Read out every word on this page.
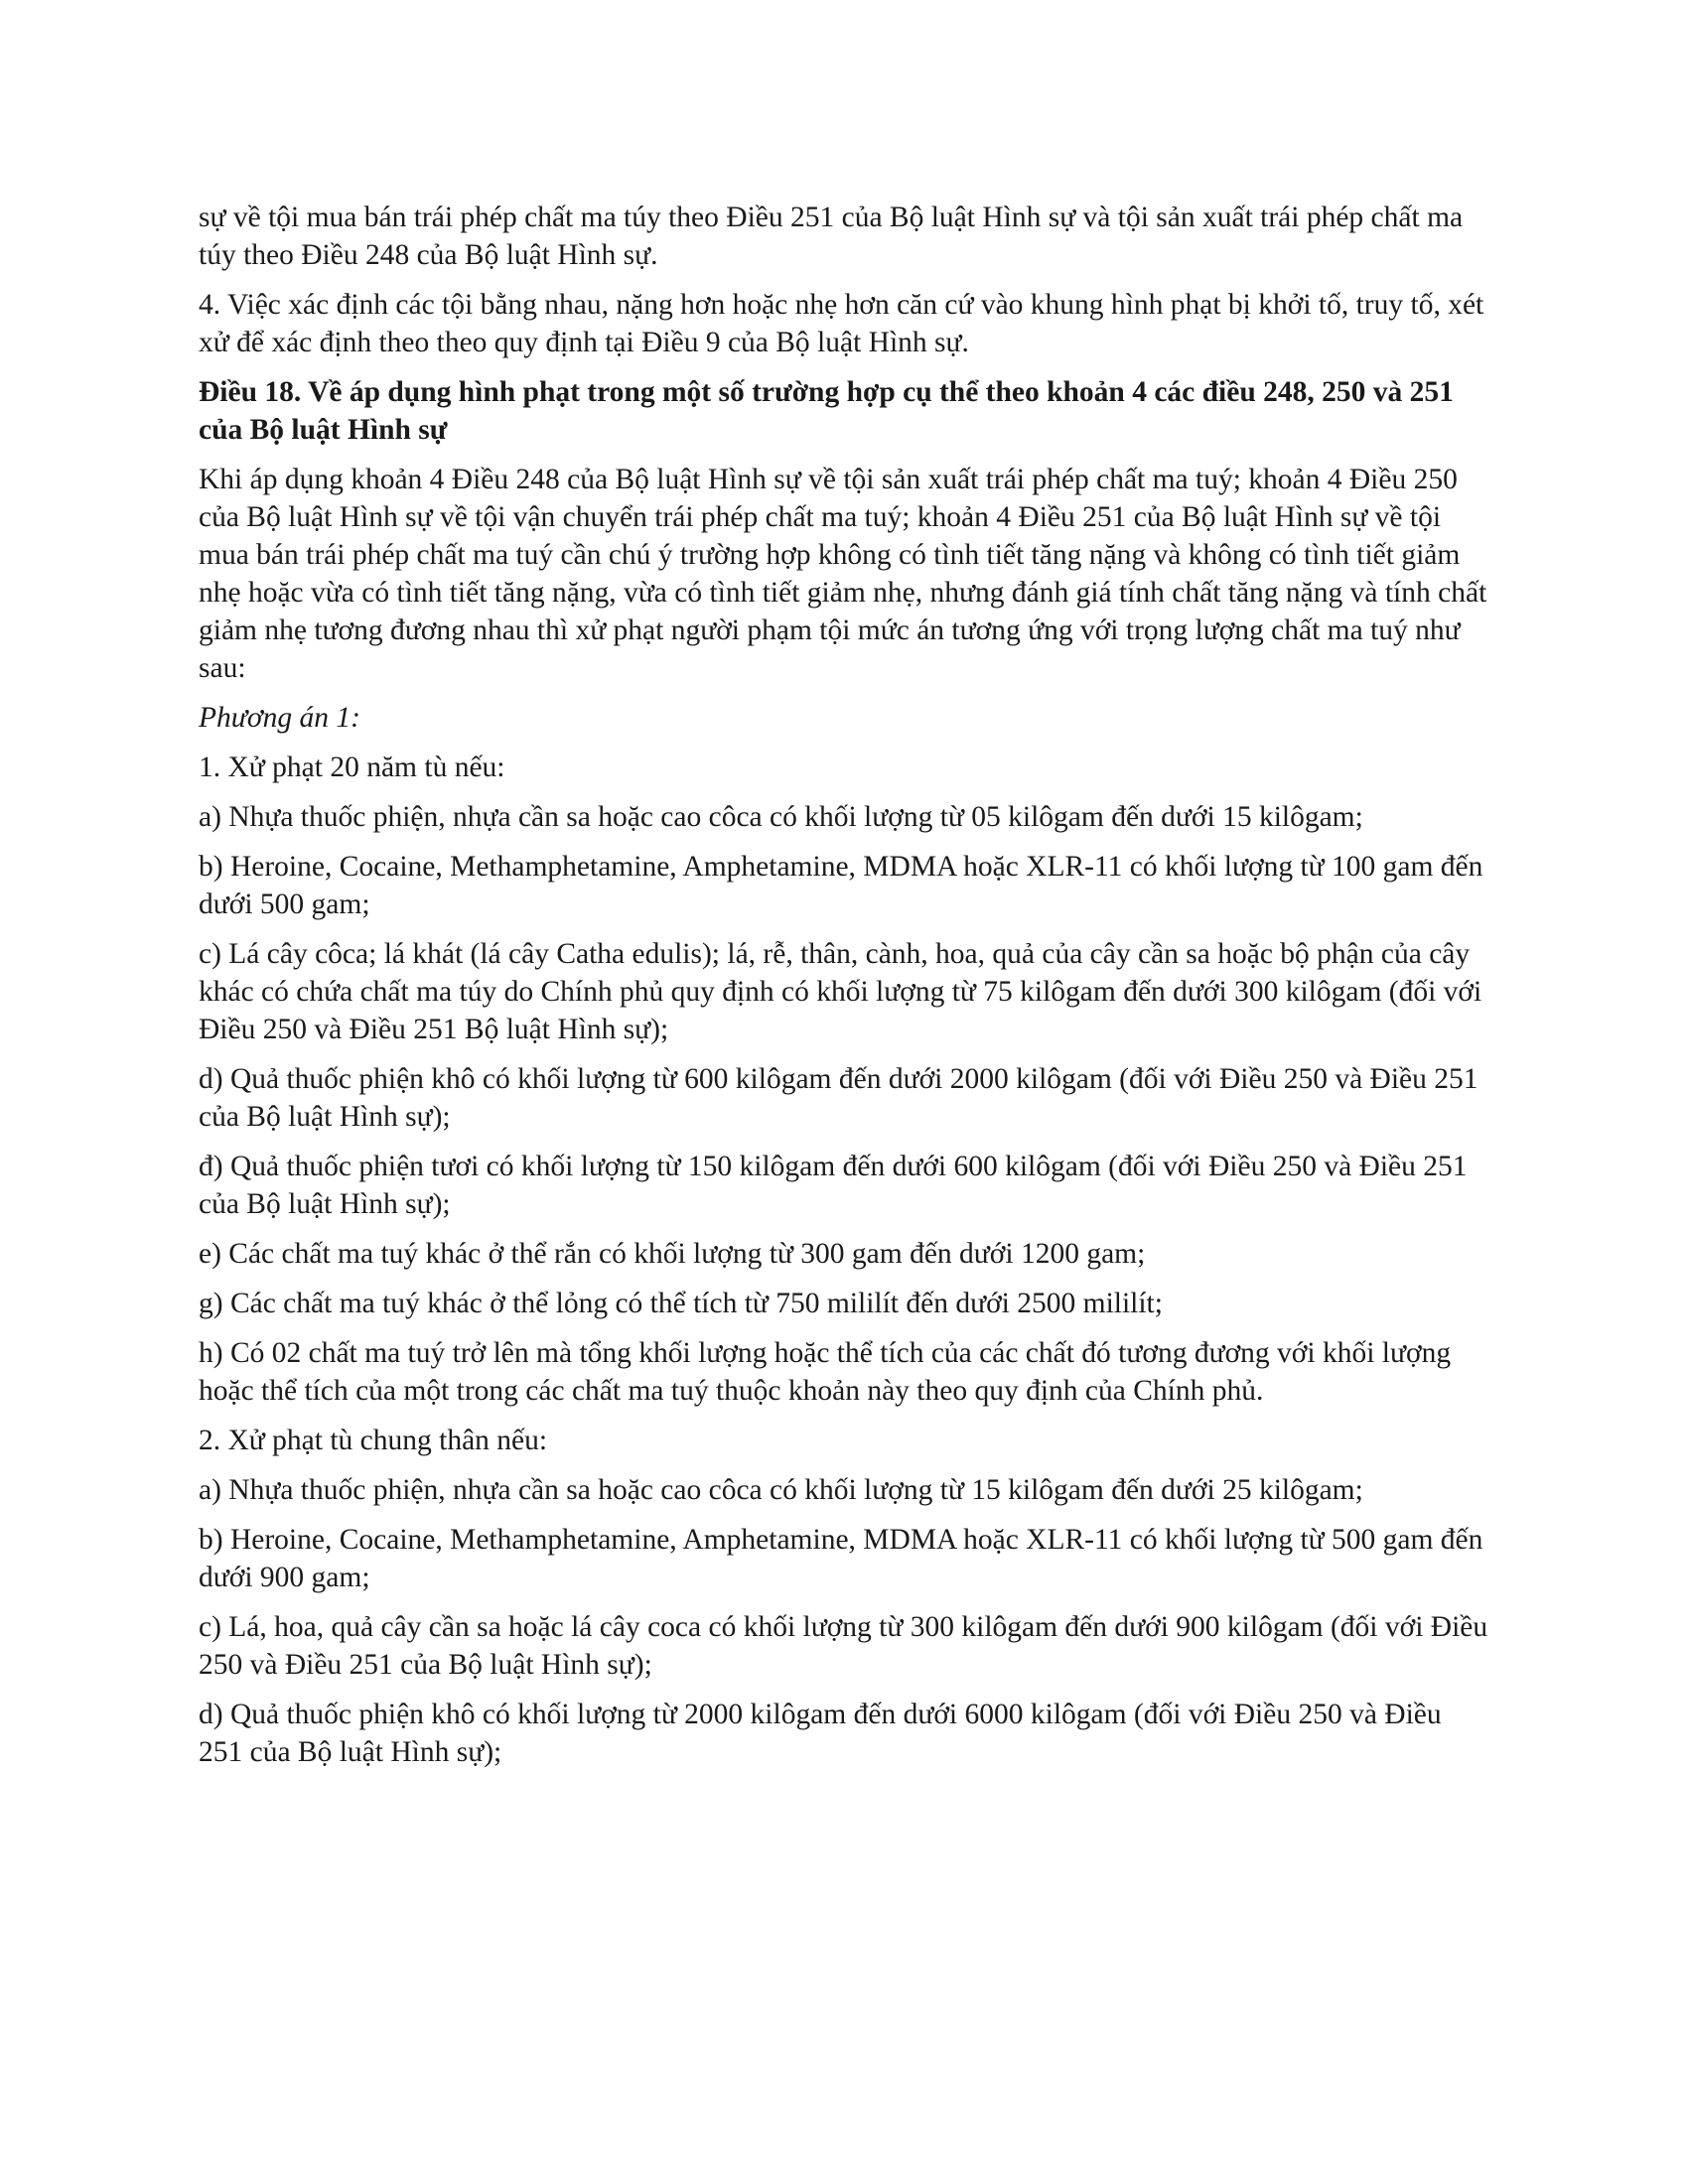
sự về tội mua bán trái phép chất ma túy theo Điều 251 của Bộ luật Hình sự và tội sản xuất trái phép chất ma túy theo Điều 248 của Bộ luật Hình sự.

4. Việc xác định các tội bằng nhau, nặng hơn hoặc nhẹ hơn căn cứ vào khung hình phạt bị khởi tố, truy tố, xét xử để xác định theo theo quy định tại Điều 9 của Bộ luật Hình sự.

Điều 18. Về áp dụng hình phạt trong một số trường hợp cụ thể theo khoản 4 các điều 248, 250 và 251 của Bộ luật Hình sự

Khi áp dụng khoản 4 Điều 248 của Bộ luật Hình sự về tội sản xuất trái phép chất ma tuý; khoản 4 Điều 250 của Bộ luật Hình sự về tội vận chuyển trái phép chất ma tuý; khoản 4 Điều 251 của Bộ luật Hình sự về tội mua bán trái phép chất ma tuý cần chú ý trường hợp không có tình tiết tăng nặng và không có tình tiết giảm nhẹ hoặc vừa có tình tiết tăng nặng, vừa có tình tiết giảm nhẹ, nhưng đánh giá tính chất tăng nặng và tính chất giảm nhẹ tương đương nhau thì xử phạt người phạm tội mức án tương ứng với trọng lượng chất ma tuý như sau:

Phương án 1:

1. Xử phạt 20 năm tù nếu:

a) Nhựa thuốc phiện, nhựa cần sa hoặc cao côca có khối lượng từ 05 kilôgam đến dưới 15 kilôgam;

b) Heroine, Cocaine, Methamphetamine, Amphetamine, MDMA hoặc XLR-11 có khối lượng từ 100 gam đến dưới 500 gam;

c) Lá cây côca; lá khát (lá cây Catha edulis); lá, rễ, thân, cành, hoa, quả của cây cần sa hoặc bộ phận của cây khác có chứa chất ma túy do Chính phủ quy định có khối lượng từ 75 kilôgam đến dưới 300 kilôgam (đối với Điều 250 và Điều 251 Bộ luật Hình sự);

d) Quả thuốc phiện khô có khối lượng từ 600 kilôgam đến dưới 2000 kilôgam (đối với Điều 250 và Điều 251 của Bộ luật Hình sự);

đ) Quả thuốc phiện tươi có khối lượng từ 150 kilôgam đến dưới 600 kilôgam (đối với Điều 250 và Điều 251 của Bộ luật Hình sự);

e) Các chất ma tuý khác ở thể rắn có khối lượng từ 300 gam đến dưới 1200 gam;

g) Các chất ma tuý khác ở thể lỏng có thể tích từ 750 mililít đến dưới 2500 mililít;

h) Có 02 chất ma tuý trở lên mà tổng khối lượng hoặc thể tích của các chất đó tương đương với khối lượng hoặc thể tích của một trong các chất ma tuý thuộc khoản này theo quy định của Chính phủ.

2. Xử phạt tù chung thân nếu:

a) Nhựa thuốc phiện, nhựa cần sa hoặc cao côca có khối lượng từ 15 kilôgam đến dưới 25 kilôgam;

b) Heroine, Cocaine, Methamphetamine, Amphetamine, MDMA hoặc XLR-11 có khối lượng từ 500 gam đến dưới 900 gam;

c) Lá, hoa, quả cây cần sa hoặc lá cây coca có khối lượng từ 300 kilôgam đến dưới 900 kilôgam (đối với Điều 250 và Điều 251 của Bộ luật Hình sự);

d) Quả thuốc phiện khô có khối lượng từ 2000 kilôgam đến dưới 6000 kilôgam (đối với Điều 250 và Điều 251 của Bộ luật Hình sự);
